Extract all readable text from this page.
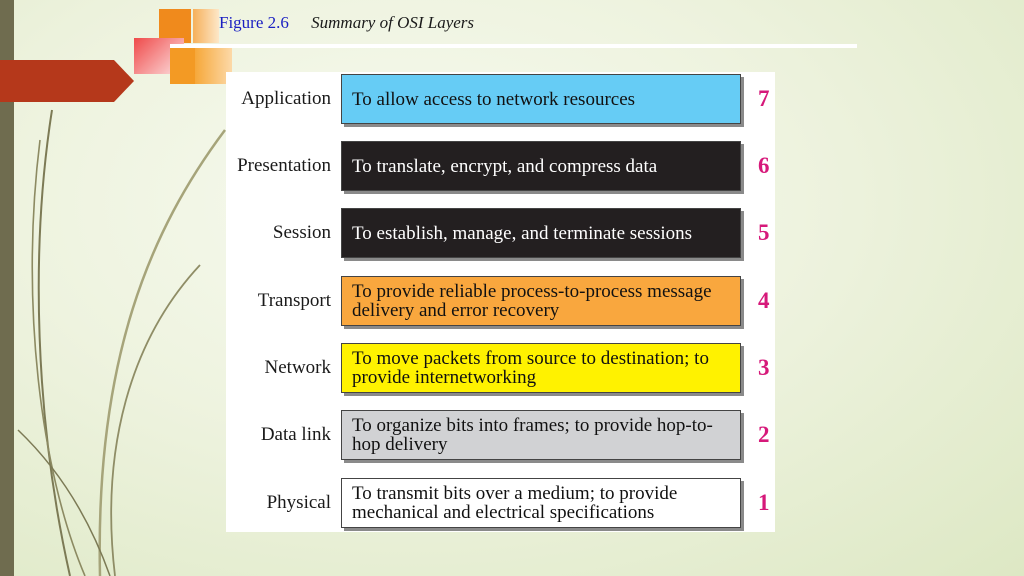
Figure 2.6 Summary of OSI Layers
Application To allow access to network resources	7
Presentation To translate, encrypt, and compress data	6
Session To establish, manage, and terminate sessions	5
Transport To provide reliable process-to-process message delivery and error recovery	4
Network To move packets from source to destination; to provide internetworking	3
Data link To organize bits into frames; to provide hop-to-hop delivery	2
Physical To transmit bits over a medium; to provide mechanical and electrical specifications	1
